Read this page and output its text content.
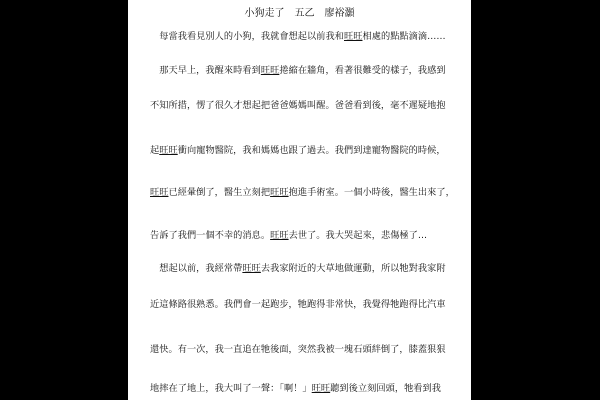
小狗走了　五乙　廖裕灝
　每當我看見別人的小狗，我就會想起以前我和旺旺相處的點點滴滴……
　那天早上，我醒來時看到旺旺捲縮在牆角，看著很難受的樣子，我感到
不知所措，愣了很久才想起把爸爸媽媽叫醒。爸爸看到後，毫不遲疑地抱
起旺旺衝向寵物醫院，我和媽媽也跟了過去。我們到達寵物醫院的時候，
旺旺已經暈倒了，醫生立刻把旺旺抱進手術室。一個小時後，醫生出來了，
告訴了我們一個不幸的消息。旺旺去世了。我大哭起來，悲傷極了…
　想起以前，我經常帶旺旺去我家附近的大草地做運動，所以牠對我家附
近這條路很熟悉。我們會一起跑步，牠跑得非常快，我覺得牠跑得比汽車
還快。有一次，我一直追在牠後面，突然我被一塊石頭絆倒了，膝蓋狠狠
地摔在了地上，我大叫了一聲：「啊！」旺旺聽到後立刻回頭，牠看到我
